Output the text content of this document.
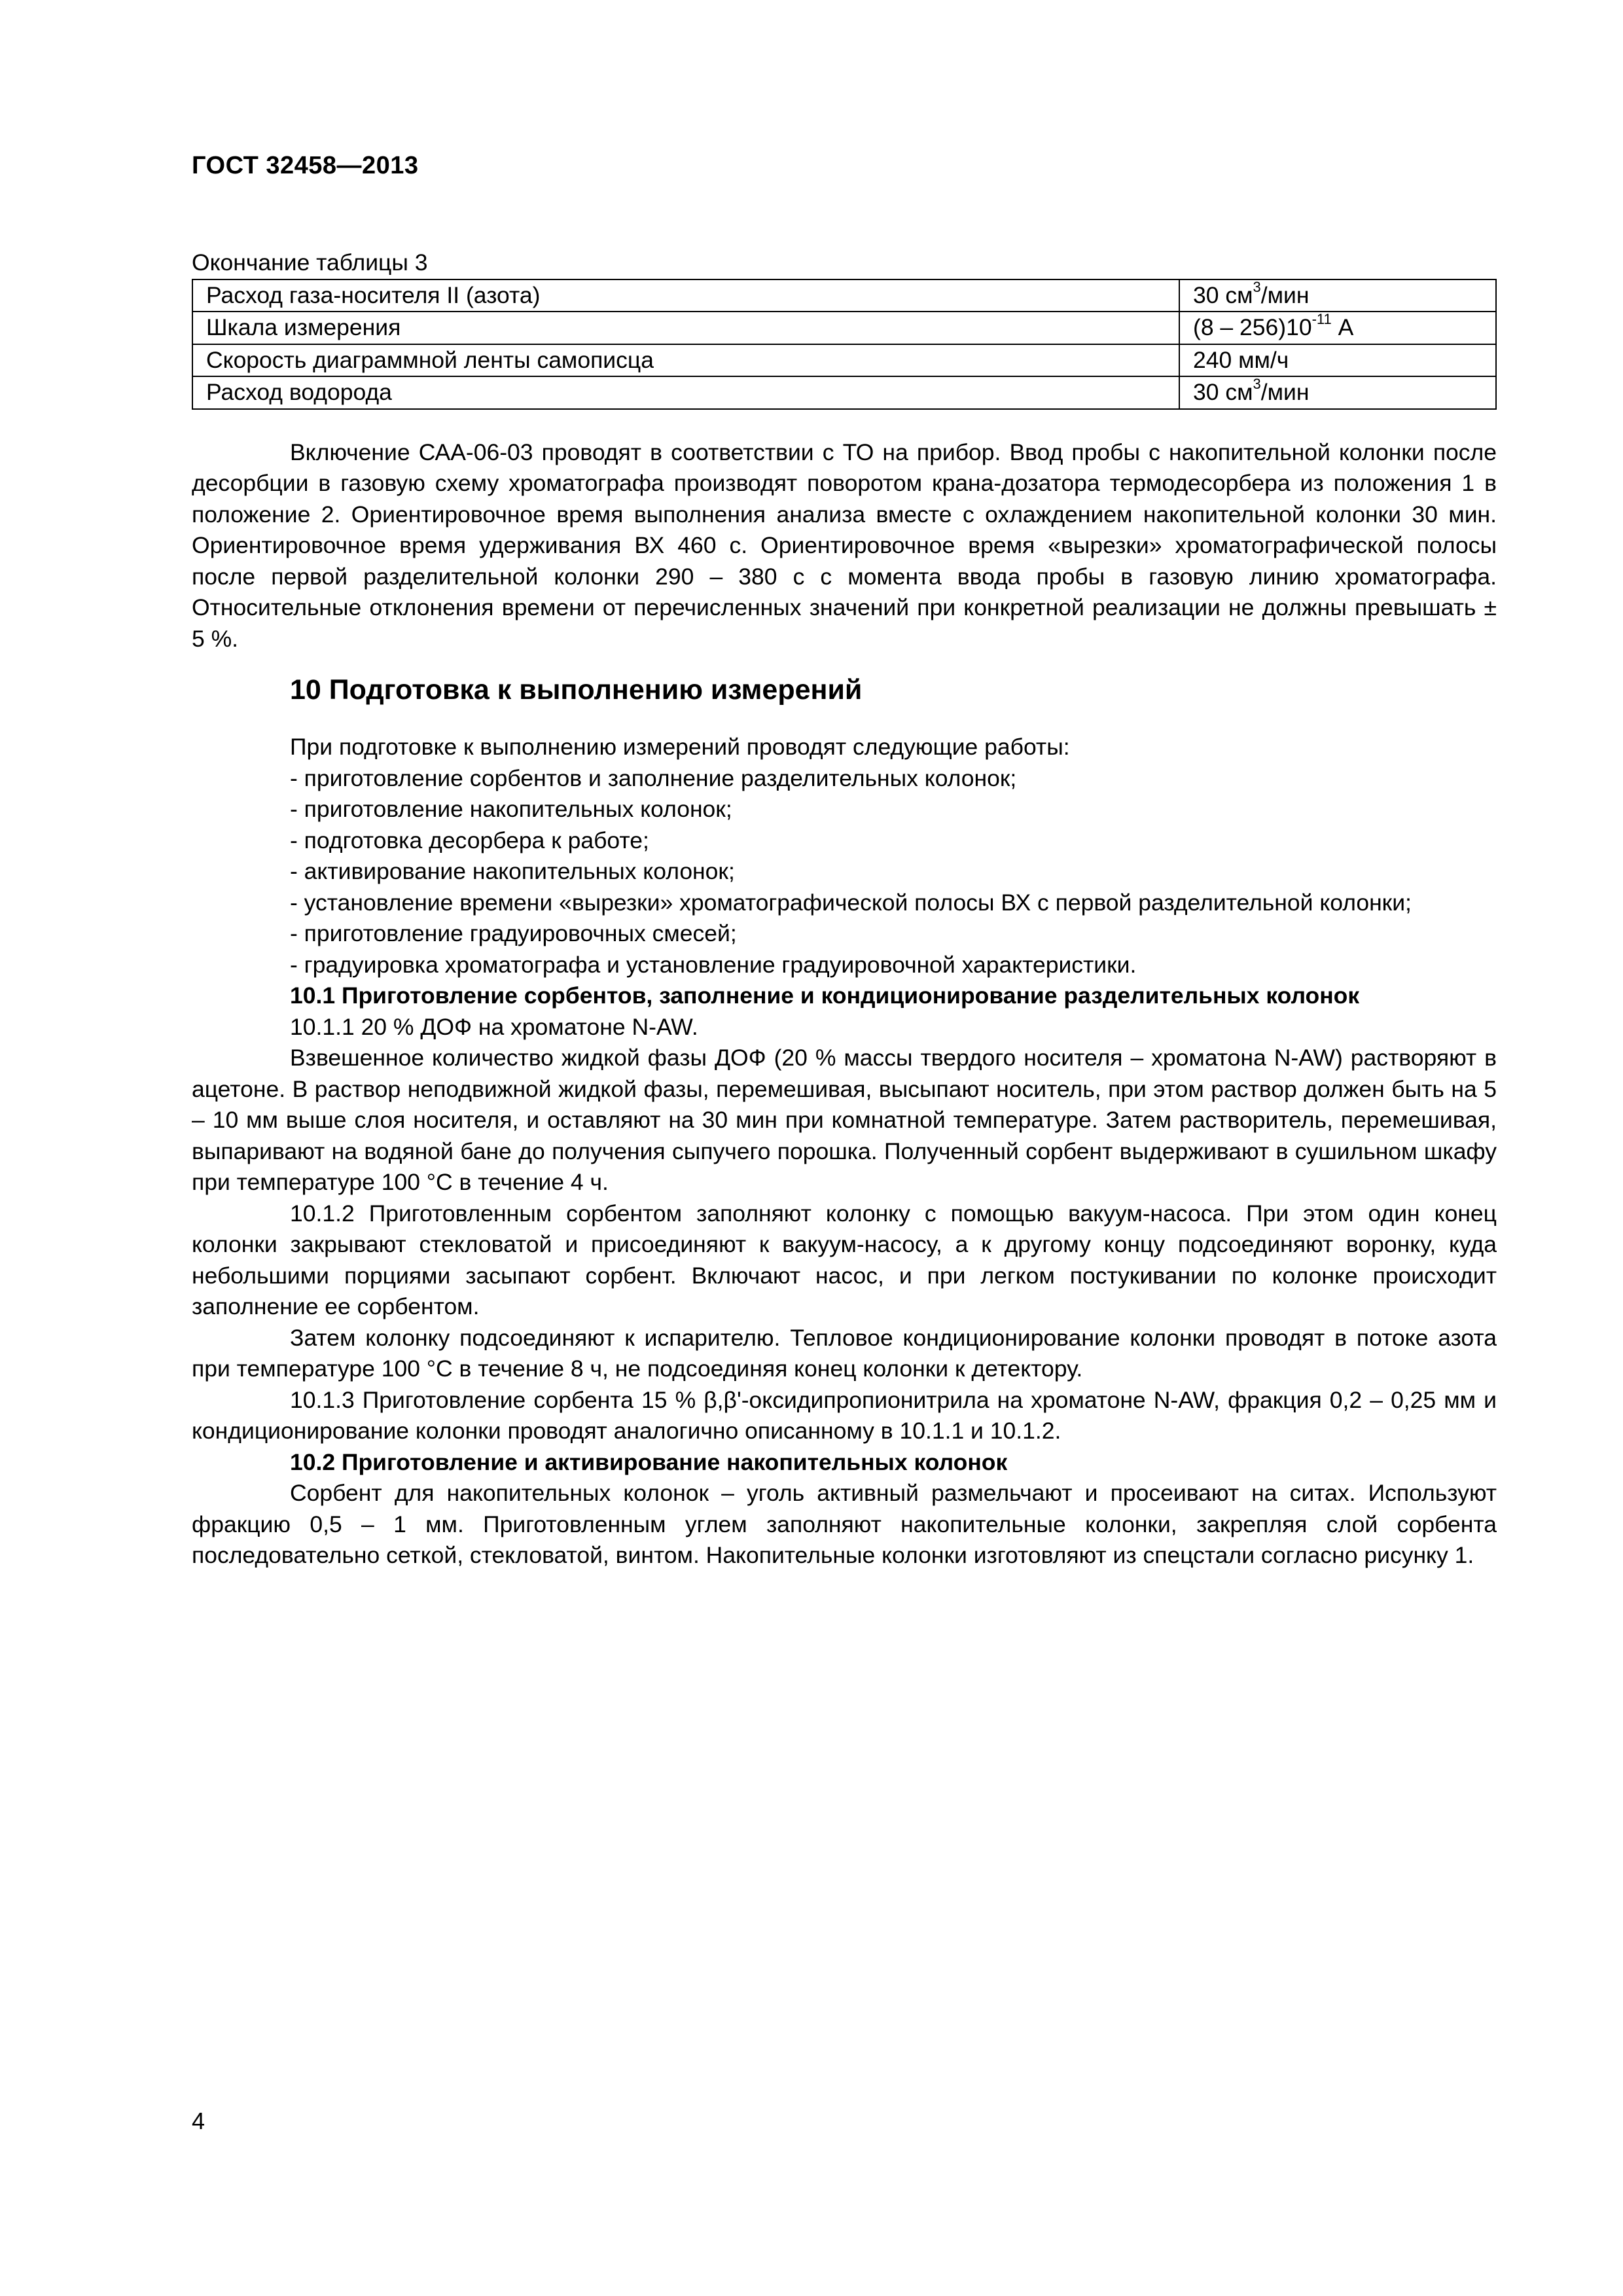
ГОСТ 32458—2013

Окончание таблицы 3

Расход газа-носителя II (азота)	30 $см^3$/мин
Шкала измерения	$(8 - 256)10^{-11}$ А
Скорость диаграммной ленты самописца	240 мм/ч
Расход водорода	30 $см^3$/мин

Включение САА-06-03 проводят в соответствии с ТО на прибор. Ввод пробы с накопительной колонки после десорбции в газовую схему хроматографа производят поворотом крана-дозатора термодесорбера из положения 1 в положение 2. Ориентировочное время выполнения анализа вместе с охлаждением накопительной колонки 30 мин. Ориентировочное время удерживания ВХ 460 с. Ориентировочное время «вырезки» хроматографической полосы после первой разделительной колонки 290 – 380 с с момента ввода пробы в газовую линию хроматографа. Относительные отклонения времени от перечисленных значений при конкретной реализации не должны превышать ± 5 %.

10 Подготовка к выполнению измерений

При подготовке к выполнению измерений проводят следующие работы:

- приготовление сорбентов и заполнение разделительных колонок;

- приготовление накопительных колонок;

- подготовка десорбера к работе;

- активирование накопительных колонок;

- установление времени «вырезки» хроматографической полосы ВХ с первой разделительной колонки;

- приготовление градуировочных смесей;

- градуировка хроматографа и установление градуировочной характеристики.

10.1 Приготовление сорбентов, заполнение и кондиционирование разделительных колонок

10.1.1 20 % ДОФ на хроматоне N-AW.

Взвешенное количество жидкой фазы ДОФ (20 % массы твердого носителя – хроматона N-AW) растворяют в ацетоне. В раствор неподвижной жидкой фазы, перемешивая, высыпают носитель, при этом раствор должен быть на 5 – 10 мм выше слоя носителя, и оставляют на 30 мин при комнатной температуре. Затем растворитель, перемешивая, выпаривают на водяной бане до получения сыпучего порошка. Полученный сорбент выдерживают в сушильном шкафу при температуре 100 °С в течение 4 ч.

10.1.2 Приготовленным сорбентом заполняют колонку с помощью вакуум-насоса. При этом один конец колонки закрывают стекловатой и присоединяют к вакуум-насосу, а к другому концу подсоединяют воронку, куда небольшими порциями засыпают сорбент. Включают насос, и при легком постукивании по колонке происходит заполнение ее сорбентом.

Затем колонку подсоединяют к испарителю. Тепловое кондиционирование колонки проводят в потоке азота при температуре 100 °С в течение 8 ч, не подсоединяя конец колонки к детектору.

10.1.3 Приготовление сорбента 15 % β,β'-оксидипропионитрила на хроматоне N-AW, фракция 0,2 – 0,25 мм и кондиционирование колонки проводят аналогично описанному в 10.1.1 и 10.1.2.

10.2 Приготовление и активирование накопительных колонок

Сорбент для накопительных колонок – уголь активный размельчают и просеивают на ситах. Используют фракцию 0,5 – 1 мм. Приготовленным углем заполняют накопительные колонки, закрепляя слой сорбента последовательно сеткой, стекловатой, винтом. Накопительные колонки изготовляют из спецстали согласно рисунку 1.

4
